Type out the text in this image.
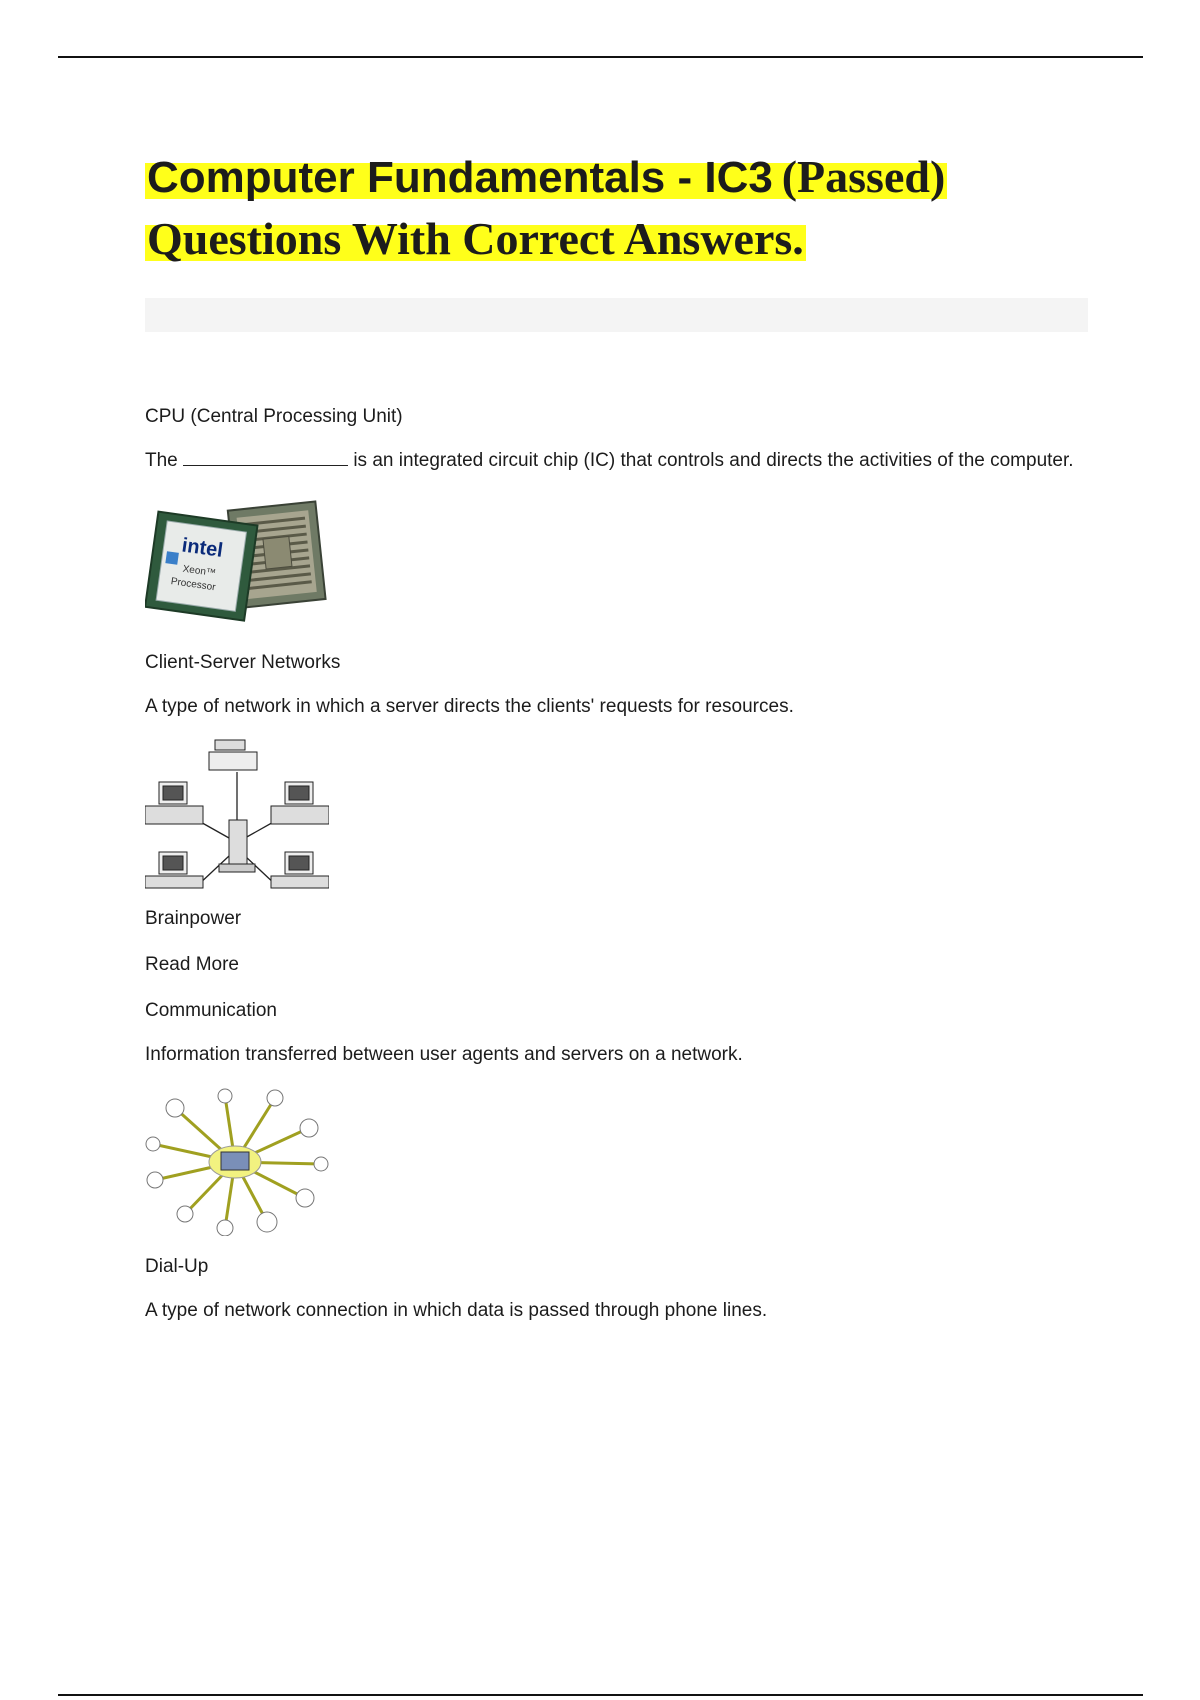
Computer Fundamentals - IC3 (Passed)
Questions With Correct Answers.

CPU (Central Processing Unit)

The	is an integrated circuit chip (IC) that controls and directs the activities of the computer.

intel
Xeon™
Processor

Client-Server Networks

A type of network in which a server directs the clients' requests for resources.

Brainpower

Read More

Communication

Information transferred between user agents and servers on a network.

Dial-Up

A type of network connection in which data is passed through phone lines.
